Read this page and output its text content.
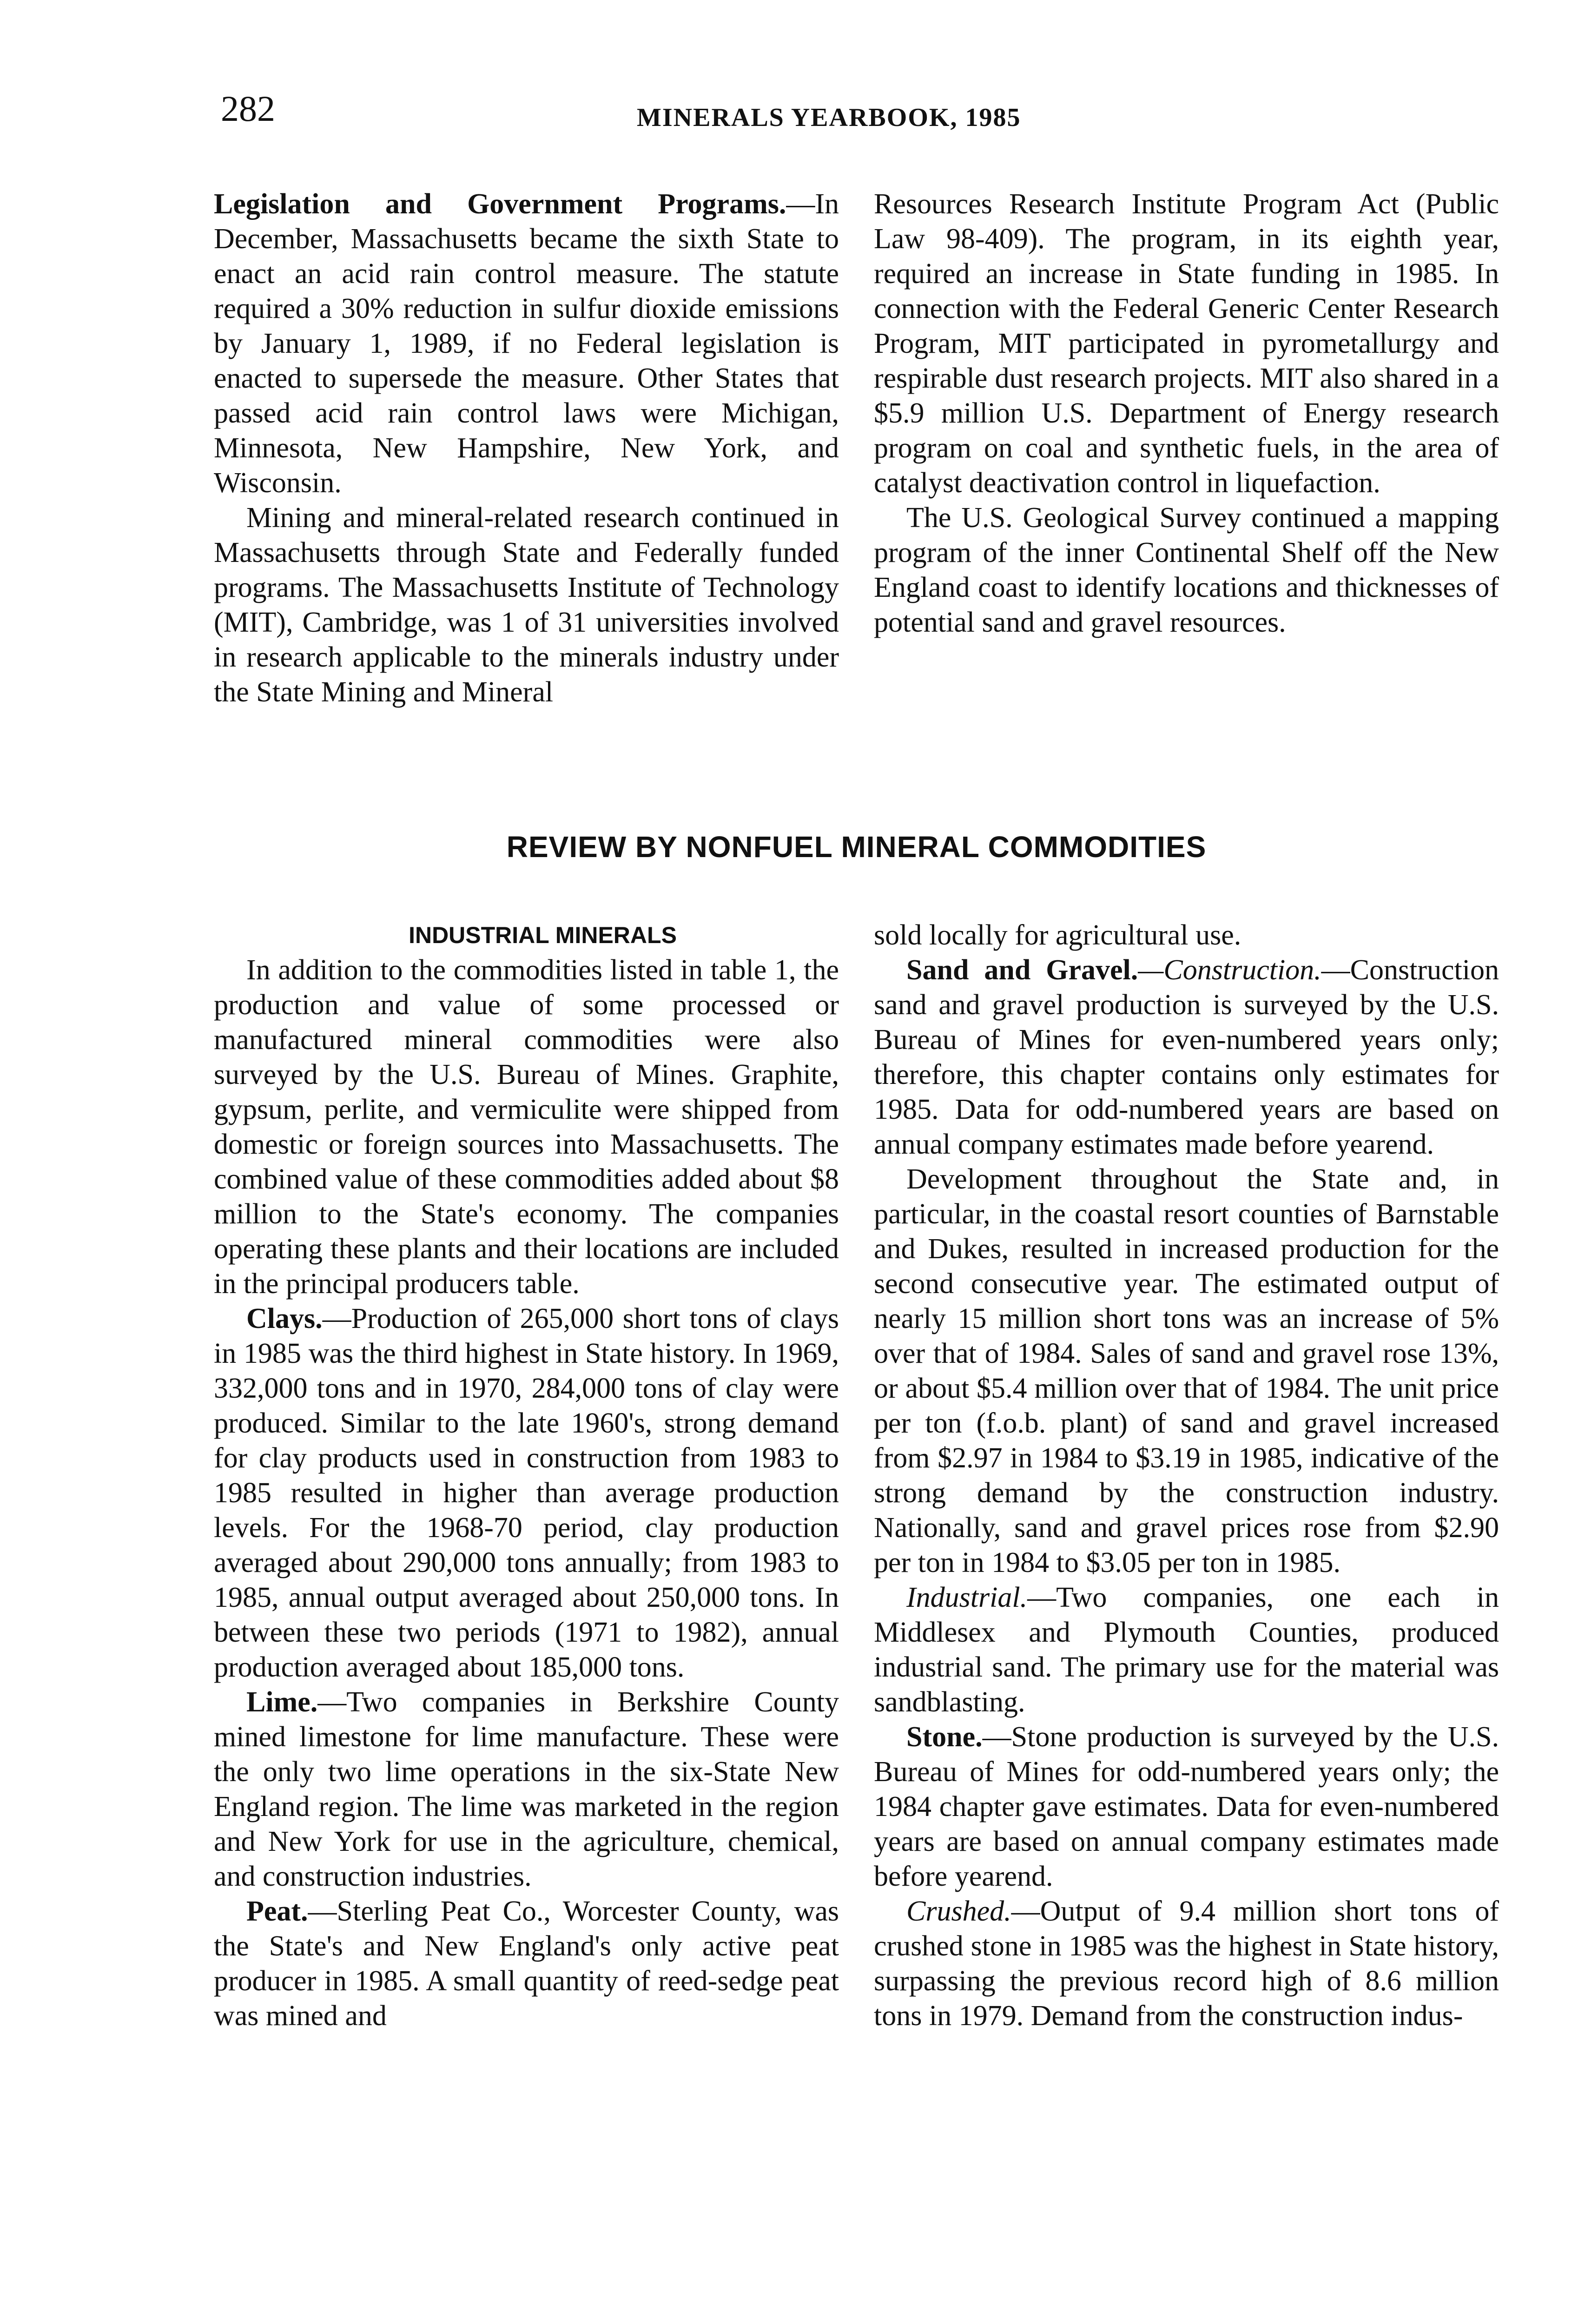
282	MINERALS YEARBOOK, 1985

Legislation and Government Programs.—In December, Massachusetts became the sixth State to enact an acid rain control measure. The statute required a 30% reduction in sulfur dioxide emissions by January 1, 1989, if no Federal legislation is enacted to supersede the measure. Other States that passed acid rain control laws were Michigan, Minnesota, New Hampshire, New York, and Wisconsin.

Mining and mineral-related research continued in Massachusetts through State and Federally funded programs. The Massachusetts Institute of Technology (MIT), Cambridge, was 1 of 31 universities involved in research applicable to the minerals industry under the State Mining and Mineral

Resources Research Institute Program Act (Public Law 98-409). The program, in its eighth year, required an increase in State funding in 1985. In connection with the Federal Generic Center Research Program, MIT participated in pyrometallurgy and respirable dust research projects. MIT also shared in a $5.9 million U.S. Department of Energy research program on coal and synthetic fuels, in the area of catalyst deactivation control in liquefaction.

The U.S. Geological Survey continued a mapping program of the inner Continental Shelf off the New England coast to identify locations and thicknesses of potential sand and gravel resources.

REVIEW BY NONFUEL MINERAL COMMODITIES

INDUSTRIAL MINERALS

In addition to the commodities listed in table 1, the production and value of some processed or manufactured mineral commodities were also surveyed by the U.S. Bureau of Mines. Graphite, gypsum, perlite, and vermiculite were shipped from domestic or foreign sources into Massachusetts. The combined value of these commodities added about $8 million to the State's economy. The companies operating these plants and their locations are included in the principal producers table.

Clays.—Production of 265,000 short tons of clays in 1985 was the third highest in State history. In 1969, 332,000 tons and in 1970, 284,000 tons of clay were produced. Similar to the late 1960's, strong demand for clay products used in construction from 1983 to 1985 resulted in higher than average production levels. For the 1968-70 period, clay production averaged about 290,000 tons annually; from 1983 to 1985, annual output averaged about 250,000 tons. In between these two periods (1971 to 1982), annual production averaged about 185,000 tons.

Lime.—Two companies in Berkshire County mined limestone for lime manufacture. These were the only two lime operations in the six-State New England region. The lime was marketed in the region and New York for use in the agriculture, chemical, and construction industries.

Peat.—Sterling Peat Co., Worcester County, was the State's and New England's only active peat producer in 1985. A small quantity of reed-sedge peat was mined and

sold locally for agricultural use.

Sand and Gravel.—Construction.—Construction sand and gravel production is surveyed by the U.S. Bureau of Mines for even-numbered years only; therefore, this chapter contains only estimates for 1985. Data for odd-numbered years are based on annual company estimates made before yearend.

Development throughout the State and, in particular, in the coastal resort counties of Barnstable and Dukes, resulted in increased production for the second consecutive year. The estimated output of nearly 15 million short tons was an increase of 5% over that of 1984. Sales of sand and gravel rose 13%, or about $5.4 million over that of 1984. The unit price per ton (f.o.b. plant) of sand and gravel increased from $2.97 in 1984 to $3.19 in 1985, indicative of the strong demand by the construction industry. Nationally, sand and gravel prices rose from $2.90 per ton in 1984 to $3.05 per ton in 1985.

Industrial.—Two companies, one each in Middlesex and Plymouth Counties, produced industrial sand. The primary use for the material was sandblasting.

Stone.—Stone production is surveyed by the U.S. Bureau of Mines for odd-numbered years only; the 1984 chapter gave estimates. Data for even-numbered years are based on annual company estimates made before yearend.

Crushed.—Output of 9.4 million short tons of crushed stone in 1985 was the highest in State history, surpassing the previous record high of 8.6 million tons in 1979. Demand from the construction indus-
